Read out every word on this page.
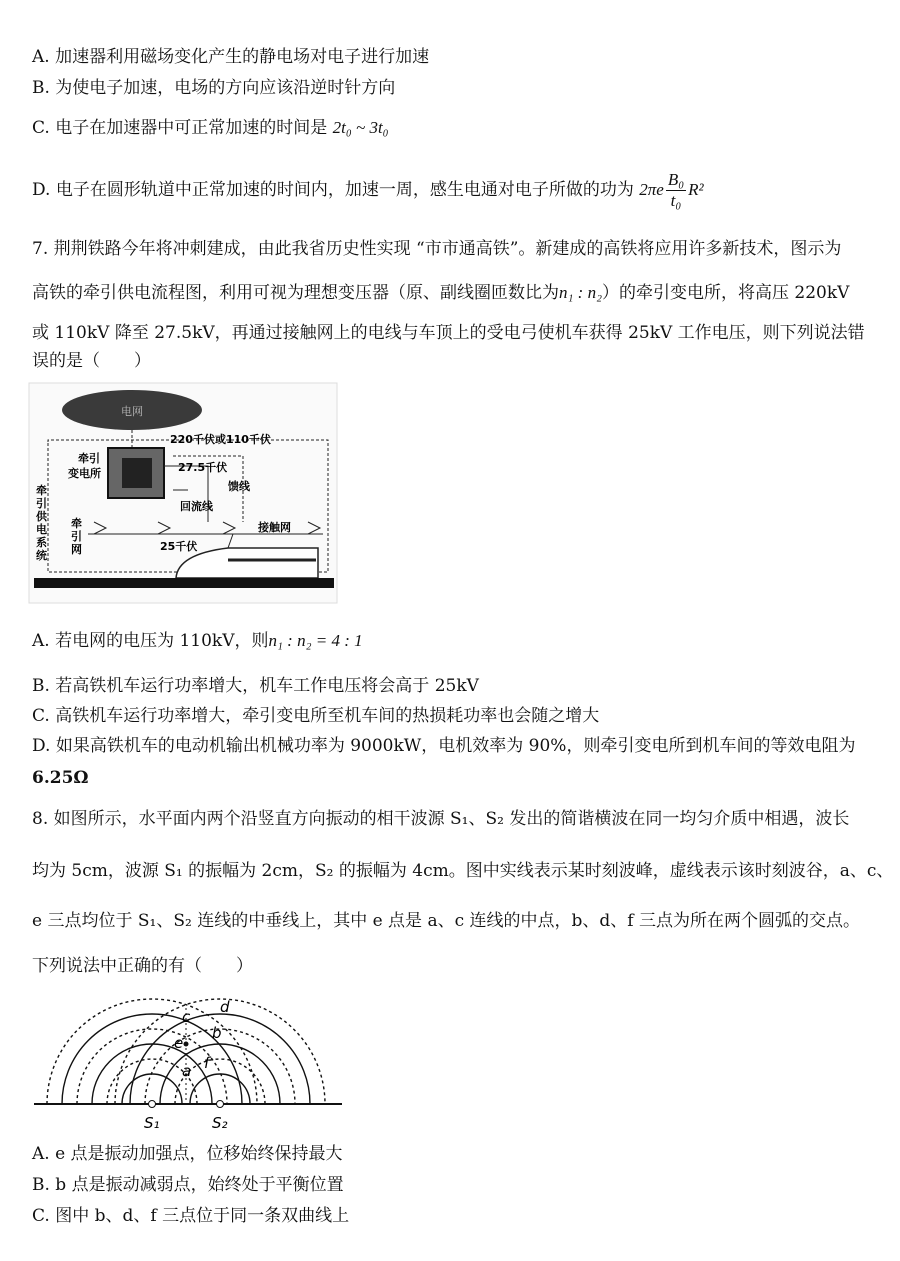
A. 加速器利用磁场变化产生的静电场对电子进行加速
B. 为使电子加速，电场的方向应该沿逆时针方向
C. 电子在加速器中可正常加速的时间是 2t₀ ~ 3t₀
D. 电子在圆形轨道中正常加速的时间内，加速一周，感生电通对电子所做的功为 $2\pi e \frac{\text{B₀}}{\text{t₀}} R^2$
7. 荆荆铁路今年将冲刺建成，由此我省历史性实现 “市市通高铁”。新建成的高铁将应用许多新技术，图示为
高铁的牵引供电流程图，利用可视为理想变压器（原、副线圈匝数比为n₁ : n₂）的牵引变电所，将高压 220kV
或 110kV 降至 27.5kV，再通过接触网上的电线与车顶上的受电弓使机车获得 25kV 工作电压，则下列说法错
误的是（　　）
电网
220千伏或110千伏
牵引
变电所	27.5千伏
馈线
回流线
牵
引
网
接触网
25千伏
牵
引
供
电
系
统
A. 若电网的电压为 110kV，则n₁ : n₂ = 4 : 1
B. 若高铁机车运行功率增大，机车工作电压将会高于 25kV
C. 高铁机车运行功率增大，牵引变电所至机车间的热损耗功率也会随之增大
D. 如果高铁机车的电动机输出机械功率为 9000kW，电机效率为 90%，则牵引变电所到机车间的等效电阻为
6.25Ω
8. 如图所示，水平面内两个沿竖直方向振动的相干波源 S₁、S₂ 发出的简谐横波在同一均匀介质中相遇，波长
均为 5cm，波源 S₁ 的振幅为 2cm，S₂ 的振幅为 4cm。图中实线表示某时刻波峰，虚线表示该时刻波谷，a、c、
e 三点均位于 S₁、S₂ 连线的中垂线上，其中 e 点是 a、c 连线的中点，b、d、f 三点为所在两个圆弧的交点。
下列说法中正确的有（　　）
c
d
b
e
a f
S₁	S₂
A. e 点是振动加强点，位移始终保持最大
B. b 点是振动减弱点，始终处于平衡位置
C. 图中 b、d、f 三点位于同一条双曲线上
